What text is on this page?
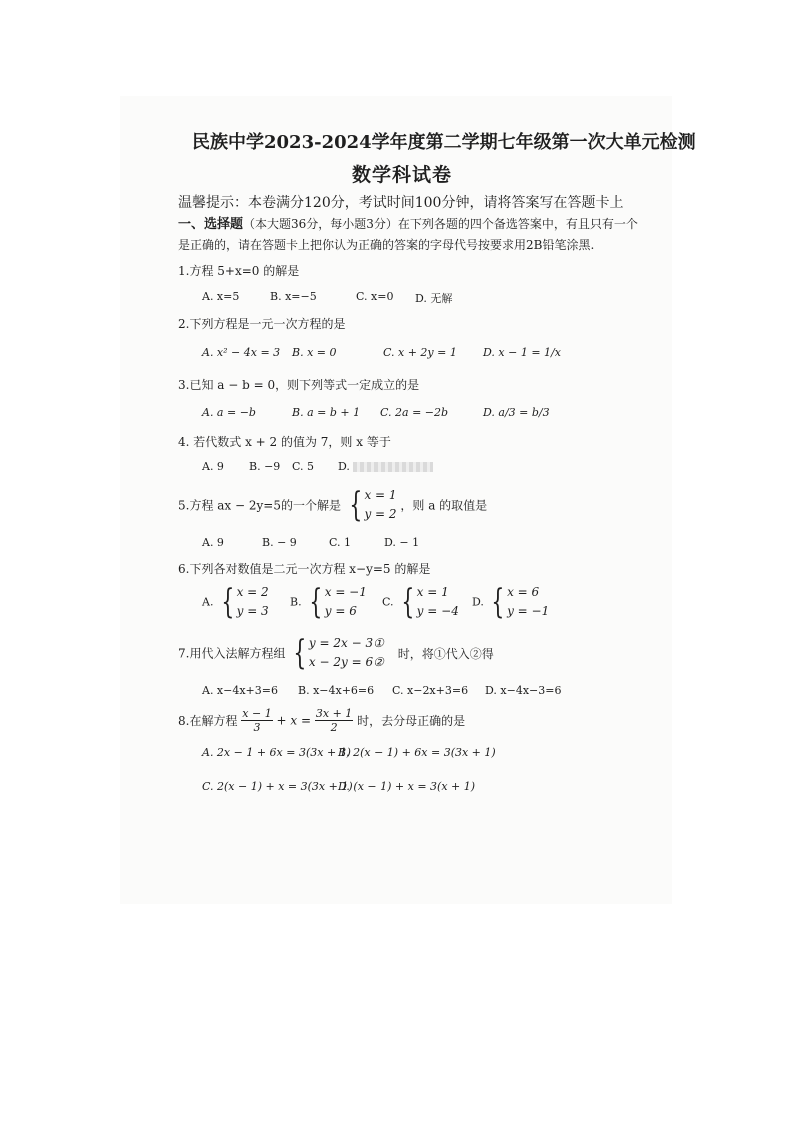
民族中学2023-2024学年度第二学期七年级第一次大单元检测
数学科试卷
温馨提示：本卷满分120分，考试时间100分钟，请将答案写在答题卡上
一、选择题（本大题36分，每小题3分）在下列各题的四个备选答案中，有且只有一个
是正确的，请在答题卡上把你认为正确的答案的字母代号按要求用2B铅笔涂黑.
1.方程 5+x=0 的解是
A. x=5	B. x=−5	C. x=0 D. 无解
2.下列方程是一元一次方程的是
A. x² − 4x = 3 B. x = 0	C. x + 2y = 1 D. x − 1 = 1/x
3.已知 a − b = 0，则下列等式一定成立的是
A. a = −b	B. a = b + 1 C. 2a = −2b	D. a/3 = b/3
4. 若代数式 x + 2 的值为 7，则 x 等于
A. 9 B. −9 C. 5 D.
5.方程 ax − 2y=5的一个解是 { x = 1
y = 2
，则 a 的取值是
A. 9	B. − 9	C. 1	D. − 1
6.下列各对数值是二元一次方程 x−y=5 的解是
A. { x = 2
y = 3
B. { x = −1
y = 6
C. { x = 1
y = −4
D. { x = 6
y = −1
7.用代入法解方程组 { y = 2x − 3①
x − 2y = 6②
时，将①代入②得
A. x−4x+3=6 B. x−4x+6=6 C. x−2x+3=6 D. x−4x−3=6
8.在解方程 $\frac{x - 1}{3} + x = \frac{3x + 1}{2}$ 时，去分母正确的是
A. 2x − 1 + 6x = 3(3x + 1)
B. 2(x − 1) + 6x = 3(3x + 1)
C. 2(x − 1) + x = 3(3x + 1)
D. (x − 1) + x = 3(x + 1)
